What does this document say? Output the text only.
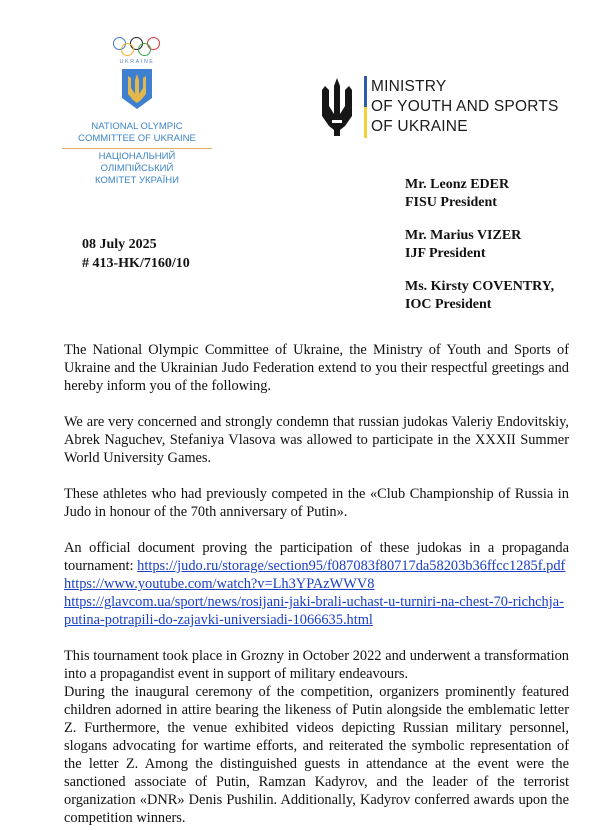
UKRAINE
NATIONAL OLYMPIC
COMMITTEE OF UKRAINE
НАЦІОНАЛЬНИЙ ОЛІМПІЙСЬКИЙ
КОМІТЕТ УКРАЇНИ
MINISTRY
OF YOUTH AND SPORTS
OF UKRAINE
Mr. Leonz EDER
FISU President
Mr. Marius VIZER
IJF President
Ms. Kirsty COVENTRY,
IOC President
08 July 2025
# 413-HK/7160/10

The National Olympic Committee of Ukraine, the Ministry of Youth and Sports of Ukraine and the Ukrainian Judo Federation extend to you their respectful greetings and hereby inform you of the following.

We are very concerned and strongly condemn that russian judokas Valeriy Endovitskiy, Abrek Naguchev, Stefaniya Vlasova was allowed to participate in the XXXII Summer World University Games.

These athletes who had previously competed in the «Club Championship of Russia in Judo in honour of the 70th anniversary of Putin».

An official document proving the participation of these judokas in a propaganda tournament: https://judo.ru/storage/section95/f087083f80717da58203b36ffcc1285f.pdf
https://www.youtube.com/watch?v=Lh3YPAzWWV8
https://glavcom.ua/sport/news/rosijani-jaki-brali-uchast-u-turniri-na-chest-70-richchja-putina-potrapili-do-zajavki-universiadi-1066635.html

This tournament took place in Grozny in October 2022 and underwent a transformation into a propagandist event in support of military endeavours.

During the inaugural ceremony of the competition, organizers prominently featured children adorned in attire bearing the likeness of Putin alongside the emblematic letter Z. Furthermore, the venue exhibited videos depicting Russian military personnel, slogans advocating for wartime efforts, and reiterated the symbolic representation of the letter Z. Among the distinguished guests in attendance at the event were the sanctioned associate of Putin, Ramzan Kadyrov, and the leader of the terrorist organization «DNR» Denis Pushilin. Additionally, Kadyrov conferred awards upon the competition winners.
